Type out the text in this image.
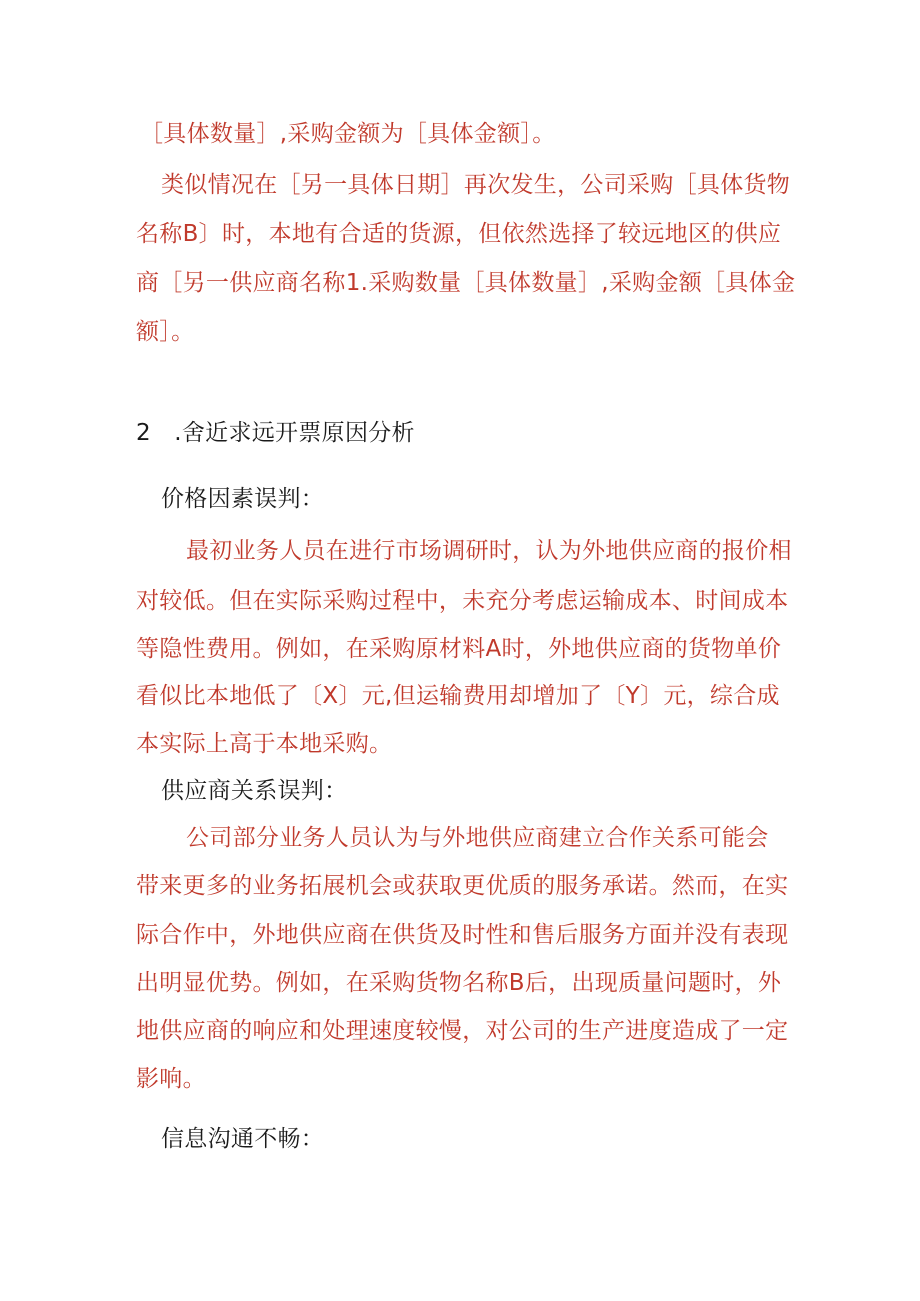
［具体数量］,采购金额为［具体金额］。
类似情况在［另一具体日期］再次发生，公司采购［具体货物
名称B〕时，本地有合适的货源，但依然选择了较远地区的供应
商［另一供应商名称1.采购数量［具体数量］,采购金额［具体金
额］。
2　.舍近求远开票原因分析
价格因素误判：
最初业务人员在进行市场调研时，认为外地供应商的报价相
对较低。但在实际采购过程中，未充分考虑运输成本、时间成本
等隐性费用。例如，在采购原材料A时，外地供应商的货物单价
看似比本地低了〔X〕元,但运输费用却增加了〔Y〕元，综合成
本实际上高于本地采购。
供应商关系误判：
公司部分业务人员认为与外地供应商建立合作关系可能会
带来更多的业务拓展机会或获取更优质的服务承诺。然而，在实
际合作中，外地供应商在供货及时性和售后服务方面并没有表现
出明显优势。例如，在采购货物名称B后，出现质量问题时，外
地供应商的响应和处理速度较慢，对公司的生产进度造成了一定
影响。
信息沟通不畅：
